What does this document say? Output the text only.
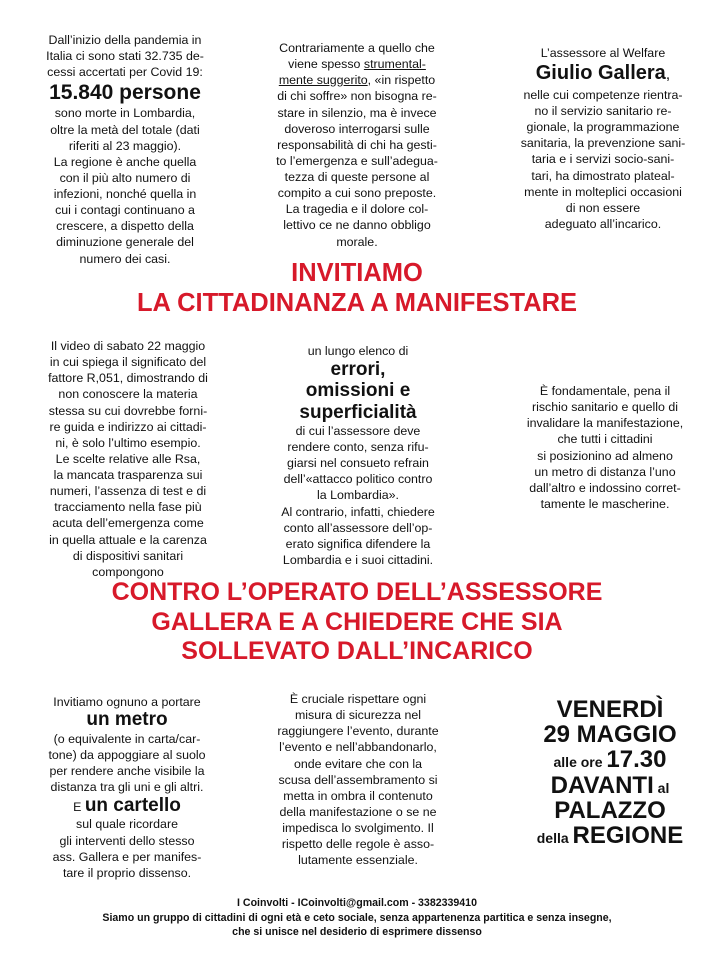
Dall’inizio della pandemia in

Italia ci sono stati 32.735 de-

cessi accertati per Covid 19:

15.840 persone

sono morte in Lombardia,

oltre la metà del totale (dati

riferiti al 23 maggio).

La regione è anche quella

con il più alto numero di

infezioni, nonché quella in

cui i contagi continuano a

crescere, a dispetto della

diminuzione generale del

numero dei casi.

Contrariamente a quello che

viene spesso strumental-

mente suggerito, «in rispetto

di chi soffre» non bisogna re-

stare in silenzio, ma è invece

doveroso interrogarsi sulle

responsabilità di chi ha gesti-

to l’emergenza e sull’adegua-

tezza di queste persone al

compito a cui sono preposte.

La tragedia e il dolore col-

lettivo ce ne danno obbligo

morale.

L’assessore al Welfare

Giulio Gallera,

nelle cui competenze rientra-

no il servizio sanitario re-

gionale, la programmazione

sanitaria, la prevenzione sani-

taria e i servizi socio-sani-

tari, ha dimostrato plateal-

mente in molteplici occasioni

di non essere

adeguato all’incarico.

INVITIAMO
LA CITTADINANZA A MANIFESTARE

Il video di sabato 22 maggio

in cui spiega il significato del

fattore R,051, dimostrando di

non conoscere la materia

stessa su cui dovrebbe forni-

re guida e indirizzo ai cittadi-

ni, è solo l’ultimo esempio.

Le scelte relative alle Rsa,

la mancata trasparenza sui

numeri, l’assenza di test e di

tracciamento nella fase più

acuta dell’emergenza come

in quella attuale e la carenza

di dispositivi sanitari

compongono

un lungo elenco di

errori,
omissioni e
superficialità

di cui l’assessore deve

rendere conto, senza rifu-

giarsi nel consueto refrain

dell’«attacco politico contro

la Lombardia».

Al contrario, infatti, chiedere

conto all’assessore dell’op-

erato significa difendere la

Lombardia e i suoi cittadini.

È fondamentale, pena il

rischio sanitario e quello di

invalidare la manifestazione,

che tutti i cittadini

si posizionino ad almeno

un metro di distanza l’uno

dall’altro e indossino corret-

tamente le mascherine.

CONTRO L’OPERATO DELL’ASSESSORE
GALLERA E A CHIEDERE CHE SIA
SOLLEVATO DALL’INCARICO

Invitiamo ognuno a portare

un metro

(o equivalente in carta/car-

tone) da appoggiare al suolo

per rendere anche visibile la

distanza tra gli uni e gli altri.

E un cartello

sul quale ricordare

gli interventi dello stesso

ass. Gallera e per manifes-

tare il proprio dissenso.

È cruciale rispettare ogni

misura di sicurezza nel

raggiungere l’evento, durante

l’evento e nell’abbandonarlo,

onde evitare che con la

scusa dell’assembramento si

metta in ombra il contenuto

della manifestazione o se ne

impedisca lo svolgimento. Il

rispetto delle regole è asso-

lutamente essenziale.

VENERDÌ
29 MAGGIO
alle ore 17.30
DAVANTI al
PALAZZO
della REGIONE
I Coinvolti - ICoinvolti@gmail.com - 3382339410
Siamo un gruppo di cittadini di ogni età e ceto sociale, senza appartenenza partitica e senza insegne,
che si unisce nel desiderio di esprimere dissenso
